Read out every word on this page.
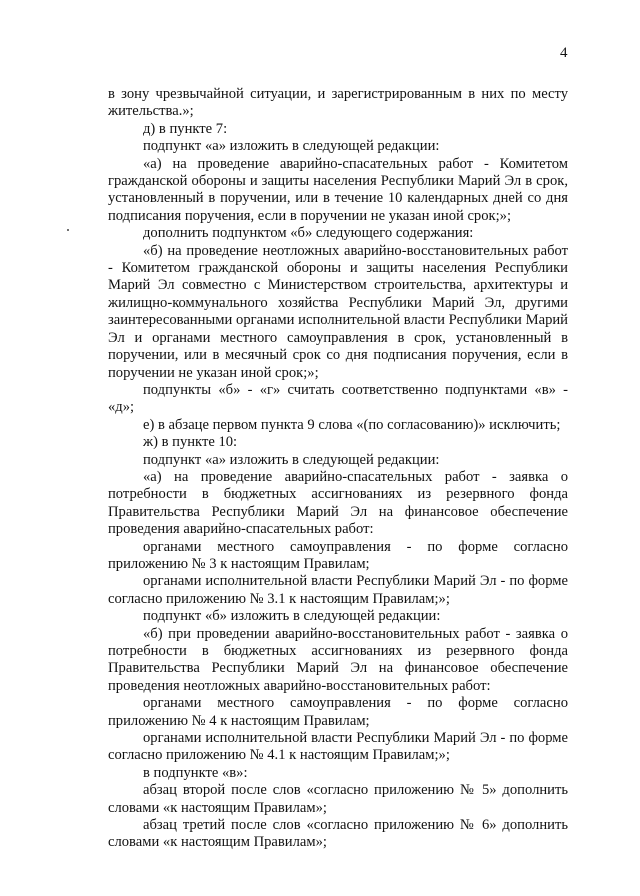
4

в зону чрезвычайной ситуации, и зарегистрированным в них по месту жительства.»;

д) в пункте 7:

подпункт «а» изложить в следующей редакции:

«а) на проведение аварийно-спасательных работ - Комитетом гражданской обороны и защиты населения Республики Марий Эл в срок, установленный в поручении, или в течение 10 календарных дней со дня подписания поручения, если в поручении не указан иной срок;»;

дополнить подпунктом «б» следующего содержания:

«б) на проведение неотложных аварийно-восстановительных работ - Комитетом гражданской обороны и защиты населения Республики Марий Эл совместно с Министерством строительства, архитектуры и жилищно-коммунального хозяйства Республики Марий Эл, другими заинтересованными органами исполнительной власти Республики Марий Эл и органами местного самоуправления в срок, установленный в поручении, или в месячный срок со дня подписания поручения, если в поручении не указан иной срок;»;

подпункты «б» - «г» считать соответственно подпунктами «в» - «д»;

е) в абзаце первом пункта 9 слова «(по согласованию)» исключить;

ж) в пункте 10:

подпункт «а» изложить в следующей редакции:

«а) на проведение аварийно-спасательных работ - заявка о потребности в бюджетных ассигнованиях из резервного фонда Правительства Республики Марий Эл на финансовое обеспечение проведения аварийно-спасательных работ:

органами местного самоуправления - по форме согласно приложению № 3 к настоящим Правилам;

органами исполнительной власти Республики Марий Эл - по форме согласно приложению № 3.1 к настоящим Правилам;»;

подпункт «б» изложить в следующей редакции:

«б) при проведении аварийно-восстановительных работ - заявка о потребности в бюджетных ассигнованиях из резервного фонда Правительства Республики Марий Эл на финансовое обеспечение проведения неотложных аварийно-восстановительных работ:

органами местного самоуправления - по форме согласно приложению № 4 к настоящим Правилам;

органами исполнительной власти Республики Марий Эл - по форме согласно приложению № 4.1 к настоящим Правилам;»;

в подпункте «в»:

абзац второй после слов «согласно приложению № 5» дополнить словами «к настоящим Правилам»;

абзац третий после слов «согласно приложению № 6» дополнить словами «к настоящим Правилам»;
